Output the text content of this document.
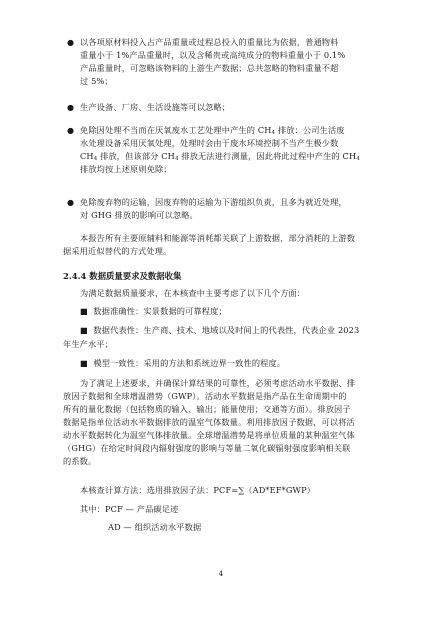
● 以各项原材料投入占产品重量或过程总投入的重量比为依据，普通物料
重量小于 1%产品重量时，以及含稀贵或高纯成分的物料重量小于 0.1%
产品重量时，可忽略该物料的上游生产数据；总共忽略的物料重量不超
过 5%；
● 生产设备、厂房、生活设施等可以忽略；
● 免除因处理不当而在厌氧废水工艺处理中产生的 $CH_4$ 排放：公司生活废
水处理设备采用厌氧处理，处理时会由于废水环境控制不当产生极少数
$CH_4$ 排放，但该部分 $CH_4$ 排放无法进行测量，因此将此过程中产生的 $CH_4$
排放均按上述原则免除；
● 免除废弃物的运输，因废弃物的运输为下游组织负责，且多为就近处理，
对 GHG 排放的影响可以忽略。
本报告所有主要原辅料和能源等消耗都关联了上游数据，部分消耗的上游数
据采用近似替代的方式处理。
2.4.4 数据质量要求及数据收集
为满足数据质量要求，在本核查中主要考虑了以下几个方面：
■ 数据准确性：实景数据的可靠程度；
■ 数据代表性：生产商、技术、地域以及时间上的代表性，代表企业 2023
年生产水平；
■ 模型一致性：采用的方法和系统边界一致性的程度。
为了满足上述要求，并确保计算结果的可靠性，必须考虑活动水平数据、排
放因子数据和全球增温潜势（GWP）。活动水平数据是指产品在生命周期中的
所有的量化数据（包括物质的输入、输出；能量使用；交通等方面）。排放因子
数据是指单位活动水平数据排放的温室气体数量。利用排放因子数据，可以将活
动水平数据转化为温室气体排放量。全球增温潜势是将单位质量的某种温室气体
（GHG）在给定时间段内辐射强度的影响与等量二氧化碳辐射强度影响相关联
的系数。
本核查计算方法：选用排放因子法：PCF=∑（AD*EF*GWP）
其中：PCF — 产品碳足迹
AD — 组织活动水平数据
4
